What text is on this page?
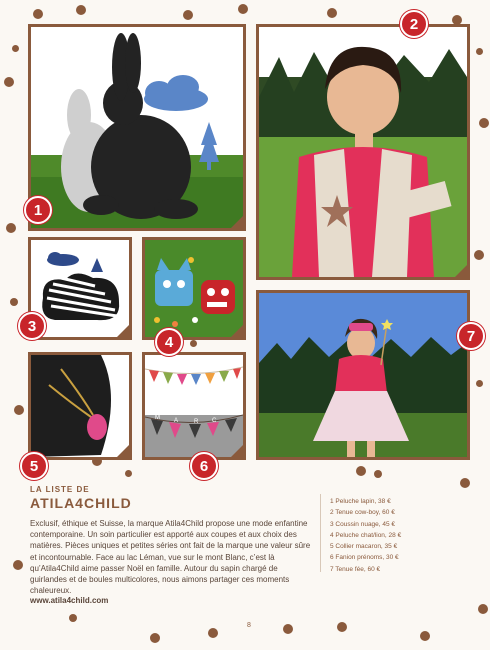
A N
M A	R C
1
2
3
4
5	6
7
LA LISTE DE
ATILA4CHILD
Exclusif, éthique et Suisse, la marque Atila4Child propose une mode enfantine contemporaine. Un soin particulier est apporté aux coupes et aux choix des matières. Pièces uniques et petites séries ont fait de la marque une valeur sûre et incontournable. Face au lac Léman, vue sur le mont Blanc, c’est là qu’Atila4Child aime passer Noël en famille. Autour du sapin chargé de guirlandes et de boules multicolores, nous aimons partager ces moments chaleureux.
www.atila4child.com
1 Peluche lapin, 38 €
2 Tenue cow-boy, 60 €
3 Coussin nuage, 45 €
4 Peluche chat/lion, 28 €
5 Collier macaron, 35 €
6 Fanion prénoms, 30 €
7 Tenue fée, 60 €
8
